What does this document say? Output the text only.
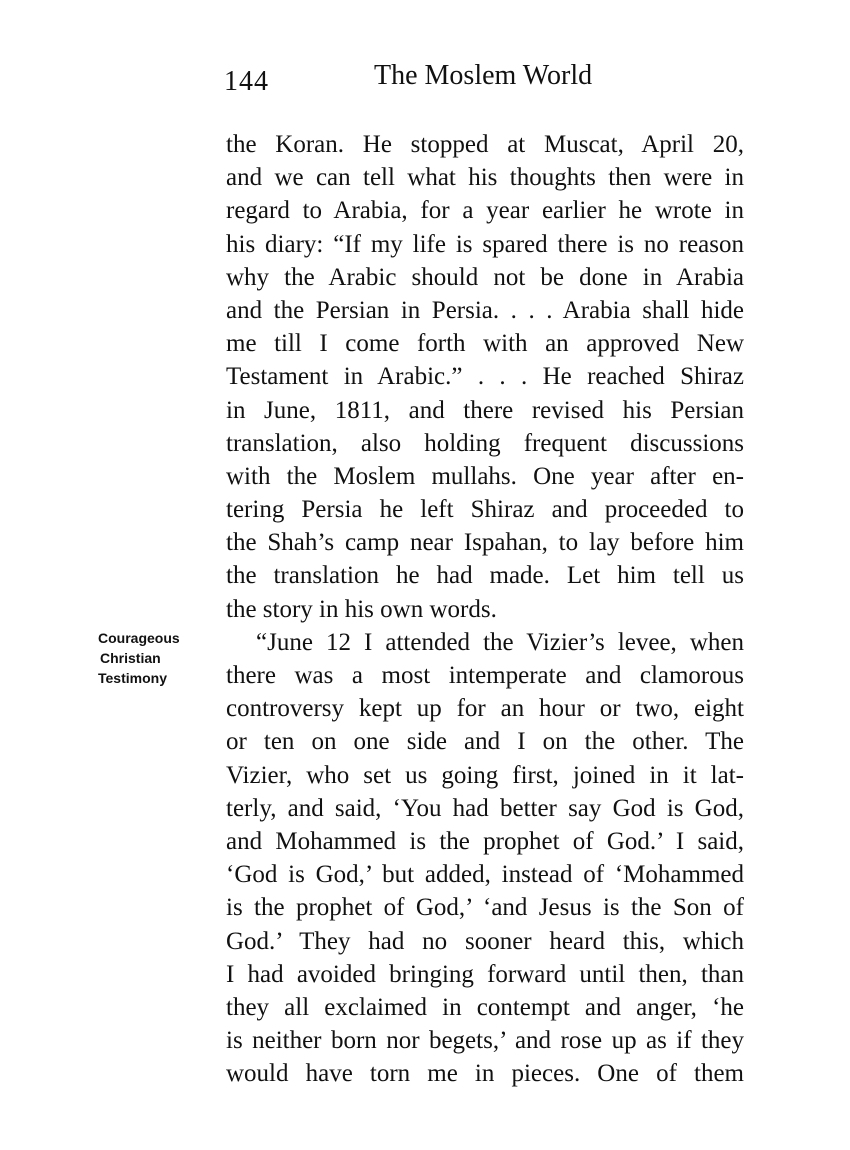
144	The Moslem World
Courageous
Christian
Testimony
the Koran. He stopped at Muscat, April 20,
and we can tell what his thoughts then were in
regard to Arabia, for a year earlier he wrote in
his diary: “If my life is spared there is no reason
why the Arabic should not be done in Arabia
and the Persian in Persia. . . . Arabia shall hide
me till I come forth with an approved New
Testament in Arabic.” . . . He reached Shiraz
in June, 1811, and there revised his Persian
translation, also holding frequent discussions
with the Moslem mullahs. One year after en-
tering Persia he left Shiraz and proceeded to
the Shah’s camp near Ispahan, to lay before him
the translation he had made. Let him tell us
the story in his own words.
“June 12 I attended the Vizier’s levee, when
there was a most intemperate and clamorous
controversy kept up for an hour or two, eight
or ten on one side and I on the other. The
Vizier, who set us going first, joined in it lat-
terly, and said, ‘You had better say God is God,
and Mohammed is the prophet of God.’ I said,
‘God is God,’ but added, instead of ‘Mohammed
is the prophet of God,’ ‘and Jesus is the Son of
God.’ They had no sooner heard this, which
I had avoided bringing forward until then, than
they all exclaimed in contempt and anger, ‘he
is neither born nor begets,’ and rose up as if they
would have torn me in pieces. One of them
